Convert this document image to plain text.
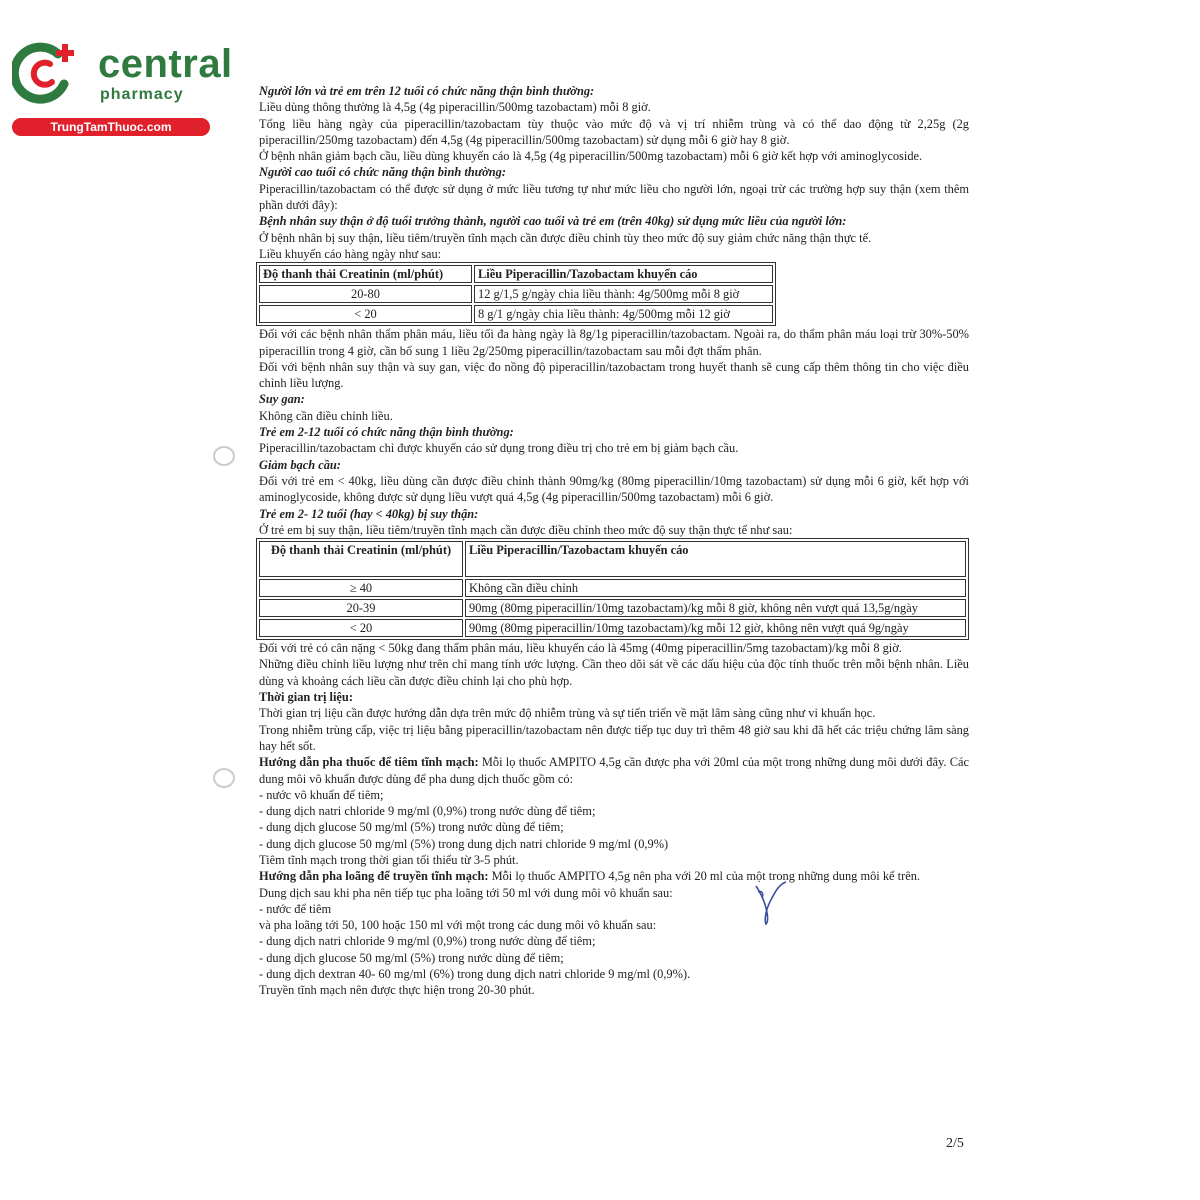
central
pharmacy
TrungTamThuoc.com

Người lớn và trẻ em trên 12 tuổi có chức năng thận bình thường:

Liều dùng thông thường là 4,5g (4g piperacillin/500mg tazobactam) mỗi 8 giờ.

Tổng liều hàng ngày của piperacillin/tazobactam tùy thuộc vào mức độ và vị trí nhiễm trùng và có thể dao động từ 2,25g (2g piperacillin/250mg tazobactam) đến 4,5g (4g piperacillin/500mg tazobactam) sử dụng mỗi 6 giờ hay 8 giờ.

Ở bệnh nhân giảm bạch cầu, liều dùng khuyến cáo là 4,5g (4g piperacillin/500mg tazobactam) mỗi 6 giờ kết hợp với aminoglycoside.

Người cao tuổi có chức năng thận bình thường:

Piperacillin/tazobactam có thể được sử dụng ở mức liều tương tự như mức liều cho người lớn, ngoại trừ các trường hợp suy thận (xem thêm phần dưới đây):

Bệnh nhân suy thận ở độ tuổi trưởng thành, người cao tuổi và trẻ em (trên 40kg) sử dụng mức liều của người lớn:

Ở bệnh nhân bị suy thận, liều tiêm/truyền tĩnh mạch cần được điều chỉnh tùy theo mức độ suy giảm chức năng thận thực tế.

Liều khuyến cáo hàng ngày như sau:

Độ thanh thải Creatinin (ml/phút)	Liều Piperacillin/Tazobactam khuyến cáo
20-80	12 g/1,5 g/ngày chia liều thành: 4g/500mg mỗi 8 giờ
< 20	8 g/1 g/ngày chia liều thành: 4g/500mg mỗi 12 giờ

Đối với các bệnh nhân thẩm phân máu, liều tối đa hàng ngày là 8g/1g piperacillin/tazobactam. Ngoài ra, do thẩm phân máu loại trừ 30%-50% piperacillin trong 4 giờ, cần bổ sung 1 liều 2g/250mg piperacillin/tazobactam sau mỗi đợt thẩm phân.

Đối với bệnh nhân suy thận và suy gan, việc đo nồng độ piperacillin/tazobactam trong huyết thanh sẽ cung cấp thêm thông tin cho việc điều chỉnh liều lượng.

Suy gan:

Không cần điều chỉnh liều.

Trẻ em 2-12 tuổi có chức năng thận bình thường:

Piperacillin/tazobactam chỉ được khuyến cáo sử dụng trong điều trị cho trẻ em bị giảm bạch cầu.

Giảm bạch cầu:

Đối với trẻ em < 40kg, liều dùng cần được điều chỉnh thành 90mg/kg (80mg piperacillin/10mg tazobactam) sử dụng mỗi 6 giờ, kết hợp với aminoglycoside, không được sử dụng liều vượt quá 4,5g (4g piperacillin/500mg tazobactam) mỗi 6 giờ.

Trẻ em 2- 12 tuổi (hay < 40kg) bị suy thận:

Ở trẻ em bị suy thận, liều tiêm/truyền tĩnh mạch cần được điều chỉnh theo mức độ suy thận thực tế như sau:

Độ thanh thải Creatinin (ml/phút)	Liều Piperacillin/Tazobactam khuyến cáo
≥ 40	Không cần điều chỉnh
20-39	90mg (80mg piperacillin/10mg tazobactam)/kg mỗi 8 giờ, không nên vượt quá 13,5g/ngày
< 20	90mg (80mg piperacillin/10mg tazobactam)/kg mỗi 12 giờ, không nên vượt quá 9g/ngày

Đối với trẻ có cân nặng < 50kg đang thẩm phân máu, liều khuyến cáo là 45mg (40mg piperacillin/5mg tazobactam)/kg mỗi 8 giờ.

Những điều chỉnh liều lượng như trên chỉ mang tính ước lượng. Cần theo dõi sát về các dấu hiệu của độc tính thuốc trên mỗi bệnh nhân. Liều dùng và khoảng cách liều cần được điều chỉnh lại cho phù hợp.

Thời gian trị liệu:

Thời gian trị liệu cần được hướng dẫn dựa trên mức độ nhiễm trùng và sự tiến triển về mặt lâm sàng cũng như vi khuẩn học.

Trong nhiễm trùng cấp, việc trị liệu bằng piperacillin/tazobactam nên được tiếp tục duy trì thêm 48 giờ sau khi đã hết các triệu chứng lâm sàng hay hết sốt.

Hướng dẫn pha thuốc để tiêm tĩnh mạch: Mỗi lọ thuốc AMPITO 4,5g cần được pha với 20ml của một trong những dung môi dưới đây. Các dung môi vô khuẩn được dùng để pha dung dịch thuốc gồm có:

- nước vô khuẩn để tiêm;

- dung dịch natri chloride 9 mg/ml (0,9%) trong nước dùng để tiêm;

- dung dịch glucose 50 mg/ml (5%) trong nước dùng để tiêm;

- dung dịch glucose 50 mg/ml (5%) trong dung dịch natri chloride 9 mg/ml (0,9%)

Tiêm tĩnh mạch trong thời gian tối thiểu từ 3-5 phút.

Hướng dẫn pha loãng để truyền tĩnh mạch: Mỗi lọ thuốc AMPITO 4,5g nên pha với 20 ml của một trong những dung môi kể trên.

Dung dịch sau khi pha nên tiếp tục pha loãng tới 50 ml với dung môi vô khuẩn sau:

- nước để tiêm

và pha loãng tới 50, 100 hoặc 150 ml với một trong các dung môi vô khuẩn sau:

- dung dịch natri chloride 9 mg/ml (0,9%) trong nước dùng để tiêm;

- dung dịch glucose 50 mg/ml (5%) trong nước dùng để tiêm;

- dung dịch dextran 40- 60 mg/ml (6%) trong dung dịch natri chloride 9 mg/ml (0,9%).

Truyền tĩnh mạch nên được thực hiện trong 20-30 phút.

2/5
